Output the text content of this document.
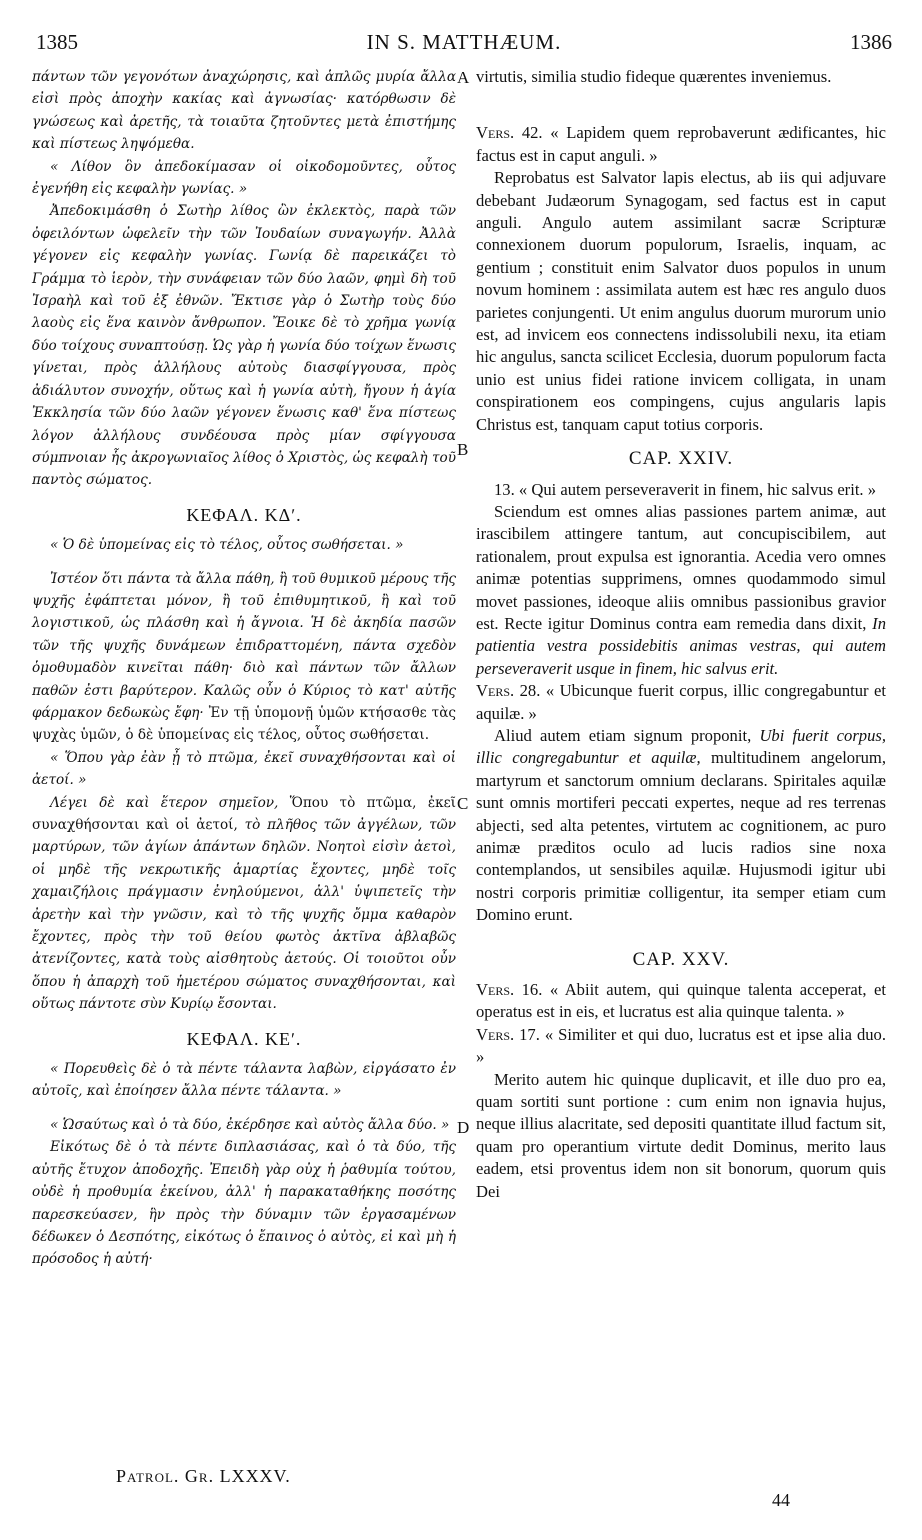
1385	IN S. MATTHÆUM.	1386

πάντων τῶν γεγονότων ἀναχώρησις, καὶ ἁπλῶς μυρία ἄλλα εἰσὶ πρὸς ἀποχὴν κακίας καὶ ἀγνωσίας· κατόρθωσιν δὲ γνώσεως καὶ ἀρετῆς, τὰ τοιαῦτα ζητοῦντες μετὰ ἐπιστήμης καὶ πίστεως ληψόμεθα.

« Λίθον ὃν ἀπεδοκίμασαν οἱ οἰκοδομοῦντες, οὗτος ἐγενήθη εἰς κεφαλὴν γωνίας. »

Ἀπεδοκιμάσθη ὁ Σωτὴρ λίθος ὢν ἐκλεκτὸς, παρὰ τῶν ὀφειλόντων ὠφελεῖν τὴν τῶν Ἰουδαίων συναγωγήν. Ἀλλὰ γέγονεν εἰς κεφαλὴν γωνίας. Γωνίᾳ δὲ παρεικάζει τὸ Γράμμα τὸ ἱερὸν, τὴν συνάφειαν τῶν δύο λαῶν, φημὶ δὴ τοῦ Ἰσραὴλ καὶ τοῦ ἐξ ἐθνῶν. Ἔκτισε γὰρ ὁ Σωτὴρ τοὺς δύο λαοὺς εἰς ἕνα καινὸν ἄνθρωπον. Ἔοικε δὲ τὸ χρῆμα γωνίᾳ δύο τοίχους συναπτούσῃ. Ὡς γὰρ ἡ γωνία δύο τοίχων ἕνωσις γίνεται, πρὸς ἀλλήλους αὐτοὺς διασφίγγουσα, πρὸς ἀδιάλυτον συνοχήν, οὕτως καὶ ἡ γωνία αὐτὴ, ἤγουν ἡ ἁγία Ἐκκλησία τῶν δύο λαῶν γέγονεν ἕνωσις καθ' ἕνα πίστεως λόγον ἀλλήλους συνδέουσα πρὸς μίαν σφίγγουσα σύμπνοιαν ἧς ἀκρογωνιαῖος λίθος ὁ Χριστὸς, ὡς κεφαλὴ τοῦ παντὸς σώματος.

ΚΕΦΑΛ. ΚΔʹ.

« Ὁ δὲ ὑπομείνας εἰς τὸ τέλος, οὗτος σωθήσεται. »

Ἰστέον ὅτι πάντα τὰ ἄλλα πάθη, ἢ τοῦ θυμικοῦ μέρους τῆς ψυχῆς ἐφάπτεται μόνον, ἢ τοῦ ἐπιθυμητικοῦ, ἢ καὶ τοῦ λογιστικοῦ, ὡς πλάσθη καὶ ἡ ἄγνοια. Ἡ δὲ ἀκηδία πασῶν τῶν τῆς ψυχῆς δυνάμεων ἐπιδραττομένη, πάντα σχεδὸν ὁμοθυμαδὸν κινεῖται πάθη· διὸ καὶ πάντων τῶν ἄλλων παθῶν ἐστι βαρύτερον. Καλῶς οὖν ὁ Κύριος τὸ κατ' αὐτῆς φάρμακον δεδωκὼς ἔφη· Ἐν τῇ ὑπομονῇ ὑμῶν κτήσασθε τὰς ψυχὰς ὑμῶν, ὁ δὲ ὑπομείνας εἰς τέλος, οὗτος σωθήσεται.

« Ὅπου γὰρ ἐὰν ᾖ τὸ πτῶμα, ἐκεῖ συναχθήσονται καὶ οἱ ἀετοί. »

Λέγει δὲ καὶ ἕτερον σημεῖον, Ὅπου τὸ πτῶμα, ἐκεῖ συναχθήσονται καὶ οἱ ἀετοί, τὸ πλῆθος τῶν ἀγγέλων, τῶν μαρτύρων, τῶν ἁγίων ἁπάντων δηλῶν. Νοητοὶ εἰσὶν ἀετοὶ, οἱ μηδὲ τῆς νεκρωτικῆς ἁμαρτίας ἔχοντες, μηδὲ τοῖς χαμαιζήλοις πράγμασιν ἐνηλούμενοι, ἀλλ' ὑψιπετεῖς τὴν ἀρετὴν καὶ τὴν γνῶσιν, καὶ τὸ τῆς ψυχῆς ὄμμα καθαρὸν ἔχοντες, πρὸς τὴν τοῦ θείου φωτὸς ἀκτῖνα ἀβλαβῶς ἀτενίζοντες, κατὰ τοὺς αἰσθητοὺς ἀετούς. Οἱ τοιοῦτοι οὖν ὅπου ἡ ἀπαρχὴ τοῦ ἡμετέρου σώματος συναχθήσονται, καὶ οὕτως πάντοτε σὺν Κυρίῳ ἔσονται.

ΚΕΦΑΛ. ΚΕʹ.

« Πορευθεὶς δὲ ὁ τὰ πέντε τάλαντα λαβὼν, εἰργάσατο ἐν αὐτοῖς, καὶ ἐποίησεν ἄλλα πέντε τάλαντα. »

« Ὡσαύτως καὶ ὁ τὰ δύο, ἐκέρδησε καὶ αὐτὸς ἄλλα δύο. »

Εἰκότως δὲ ὁ τὰ πέντε διπλασιάσας, καὶ ὁ τὰ δύο, τῆς αὐτῆς ἔτυχον ἀποδοχῆς. Ἐπειδὴ γὰρ οὐχ ἡ ῥαθυμία τούτου, οὐδὲ ἡ προθυμία ἐκείνου, ἀλλ' ἡ παρακαταθήκης ποσότης παρεσκεύασεν, ἣν πρὸς τὴν δύναμιν τῶν ἐργασαμένων δέδωκεν ὁ Δεσπότης, εἰκότως ὁ ἔπαινος ὁ αὐτὸς, εἰ καὶ μὴ ἡ πρόσοδος ἡ αὐτή·

virtutis, similia studio fideque quærentes inveniemus.

Vers. 42. « Lapidem quem reprobaverunt ædificantes, hic factus est in caput anguli. »

Reprobatus est Salvator lapis electus, ab iis qui adjuvare debebant Judæorum Synagogam, sed factus est in caput anguli. Angulo autem assimilant sacræ Scripturæ connexionem duorum populorum, Israelis, inquam, ac gentium ; constituit enim Salvator duos populos in unum novum hominem : assimilata autem est hæc res angulo duos parietes conjungenti. Ut enim angulus duorum murorum unio est, ad invicem eos connectens indissolubili nexu, ita etiam hic angulus, sancta scilicet Ecclesia, duorum populorum facta unio est unius fidei ratione invicem colligata, in unam conspirationem eos compingens, cujus angularis lapis Christus est, tanquam caput totius corporis.

CAP. XXIV.

13. « Qui autem perseveraverit in finem, hic salvus erit. »

Sciendum est omnes alias passiones partem animæ, aut irascibilem attingere tantum, aut concupiscibilem, aut rationalem, prout expulsa est ignorantia. Acedia vero omnes animæ potentias supprimens, omnes quodammodo simul movet passiones, ideoque aliis omnibus passionibus gravior est. Recte igitur Dominus contra eam remedia dans dixit, In patientia vestra possidebitis animas vestras, qui autem perseveraverit usque in finem, hic salvus erit.

Vers. 28. « Ubicunque fuerit corpus, illic congregabuntur et aquilæ. »

Aliud autem etiam signum proponit, Ubi fuerit corpus, illic congregabuntur et aquilæ, multitudinem angelorum, martyrum et sanctorum omnium declarans. Spiritales aquilæ sunt omnis mortiferi peccati expertes, neque ad res terrenas abjecti, sed alta petentes, virtutem ac cognitionem, ac puro animæ præditos oculo ad lucis radios sine noxa contemplandos, ut sensibiles aquilæ. Hujusmodi igitur ubi nostri corporis primitiæ colligentur, ita semper etiam cum Domino erunt.

CAP. XXV.

Vers. 16. « Abiit autem, qui quinque talenta acceperat, et operatus est in eis, et lucratus est alia quinque talenta. »

Vers. 17. « Similiter et qui duo, lucratus est et ipse alia duo. »

Merito autem hic quinque duplicavit, et ille duo pro ea, quam sortiti sunt portione : cum enim non ignavia hujus, neque illius alacritate, sed depositi quantitate illud factum sit, quam pro operantium virtute dedit Dominus, merito laus eadem, etsi proventus idem non sit bonorum, quorum quis Dei

A
B
C
D
Patrol. Gr. LXXXV.
44
